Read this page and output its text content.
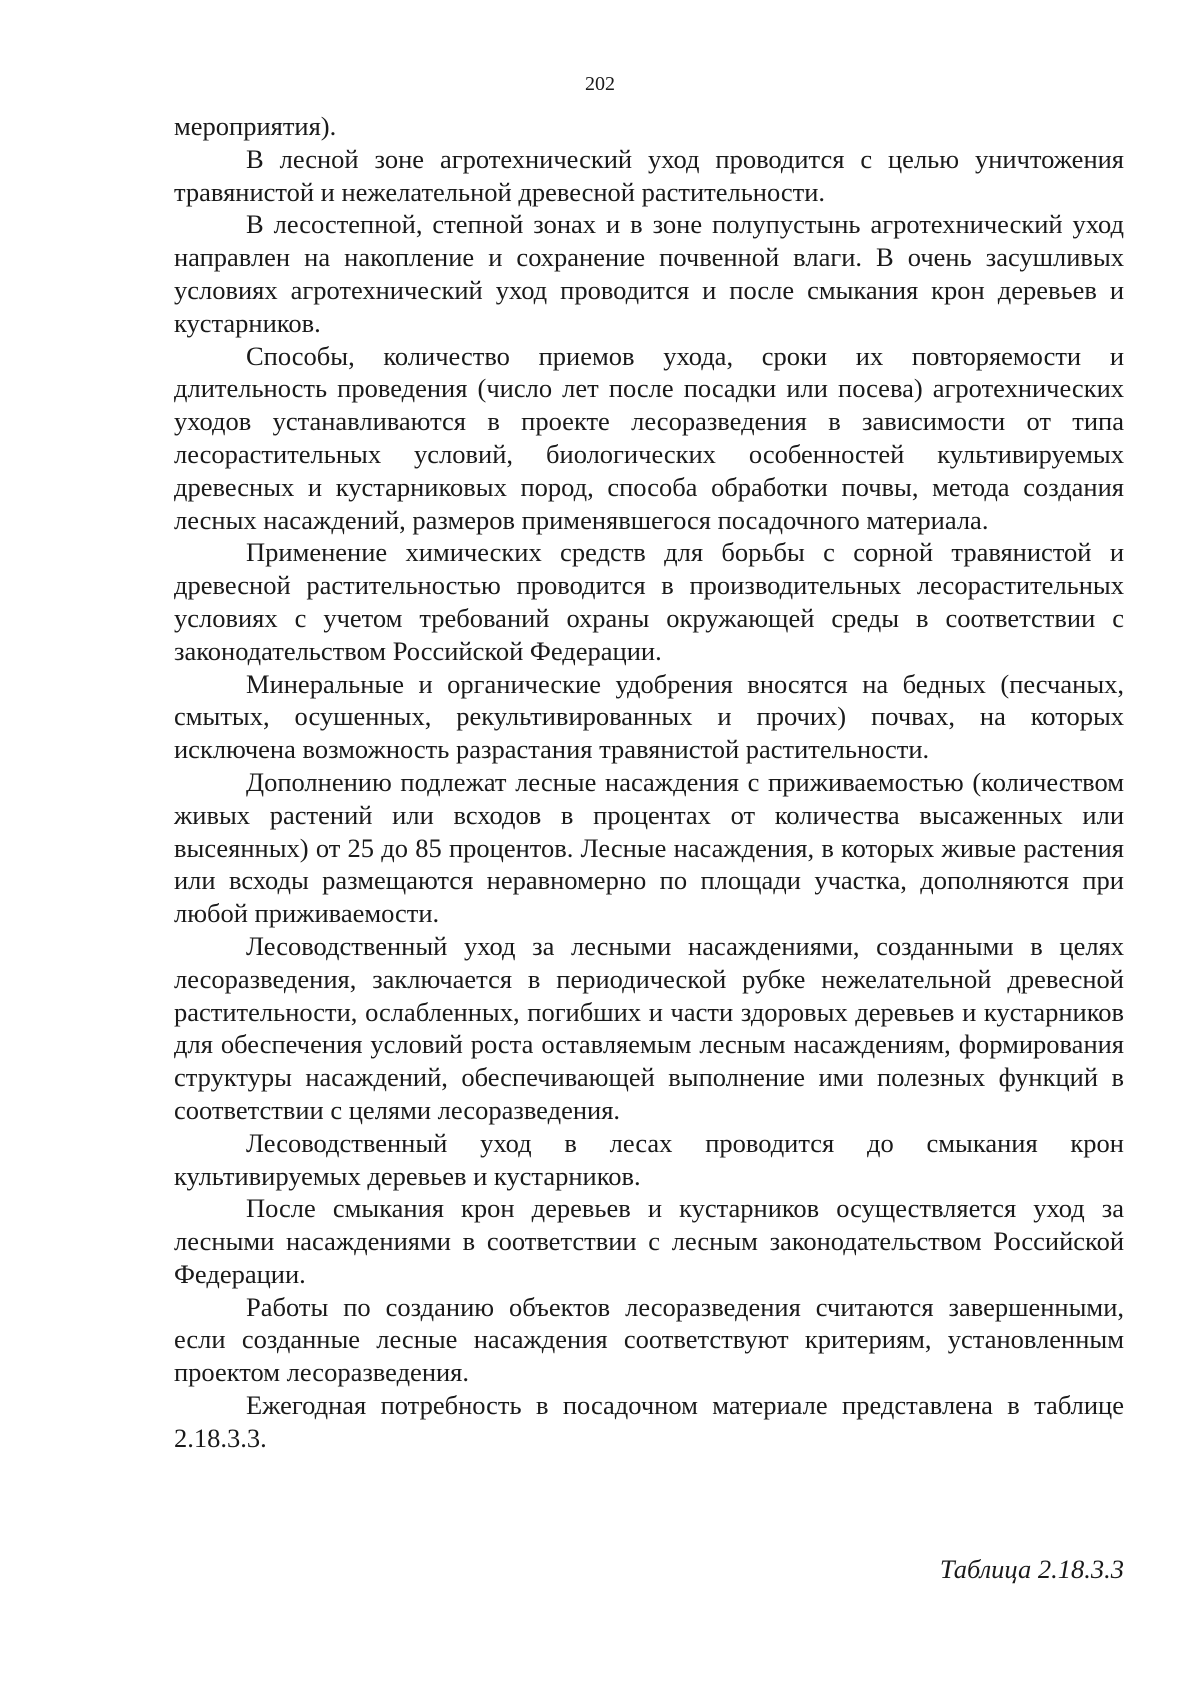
202

мероприятия).

В лесной зоне агротехнический уход проводится с целью уничтожения травянистой и нежелательной древесной растительности.

В лесостепной, степной зонах и в зоне полупустынь агротехнический уход направлен на накопление и сохранение почвенной влаги. В очень засушливых условиях агротехнический уход проводится и после смыкания крон деревьев и кустарников.

Способы, количество приемов ухода, сроки их повторяемости и длительность проведения (число лет после посадки или посева) агротехнических уходов устанавливаются в проекте лесоразведения в зависимости от типа лесорастительных условий, биологических особенностей культивируемых древесных и кустарниковых пород, способа обработки почвы, метода создания лесных насаждений, размеров применявшегося посадочного материала.

Применение химических средств для борьбы с сорной травянистой и древесной растительностью проводится в производительных лесорастительных условиях с учетом требований охраны окружающей среды в соответствии с законодательством Российской Федерации.

Минеральные и органические удобрения вносятся на бедных (песчаных, смытых, осушенных, рекультивированных и прочих) почвах, на которых исключена возможность разрастания травянистой растительности.

Дополнению подлежат лесные насаждения с приживаемостью (количеством живых растений или всходов в процентах от количества высаженных или высеянных) от 25 до 85 процентов. Лесные насаждения, в которых живые растения или всходы размещаются неравномерно по площади участка, дополняются при любой приживаемости.

Лесоводственный уход за лесными насаждениями, созданными в целях лесоразведения, заключается в периодической рубке нежелательной древесной растительности, ослабленных, погибших и части здоровых деревьев и кустарников для обеспечения условий роста оставляемым лесным насаждениям, формирования структуры насаждений, обеспечивающей выполнение ими полезных функций в соответствии с целями лесоразведения.

Лесоводственный уход в лесах проводится до смыкания крон культивируемых деревьев и кустарников.

После смыкания крон деревьев и кустарников осуществляется уход за лесными насаждениями в соответствии с лесным законодательством Российской Федерации.

Работы по созданию объектов лесоразведения считаются завершенными, если созданные лесные насаждения соответствуют критериям, установленным проектом лесоразведения.

Ежегодная потребность в посадочном материале представлена в таблице 2.18.3.3.

Таблица 2.18.3.3
